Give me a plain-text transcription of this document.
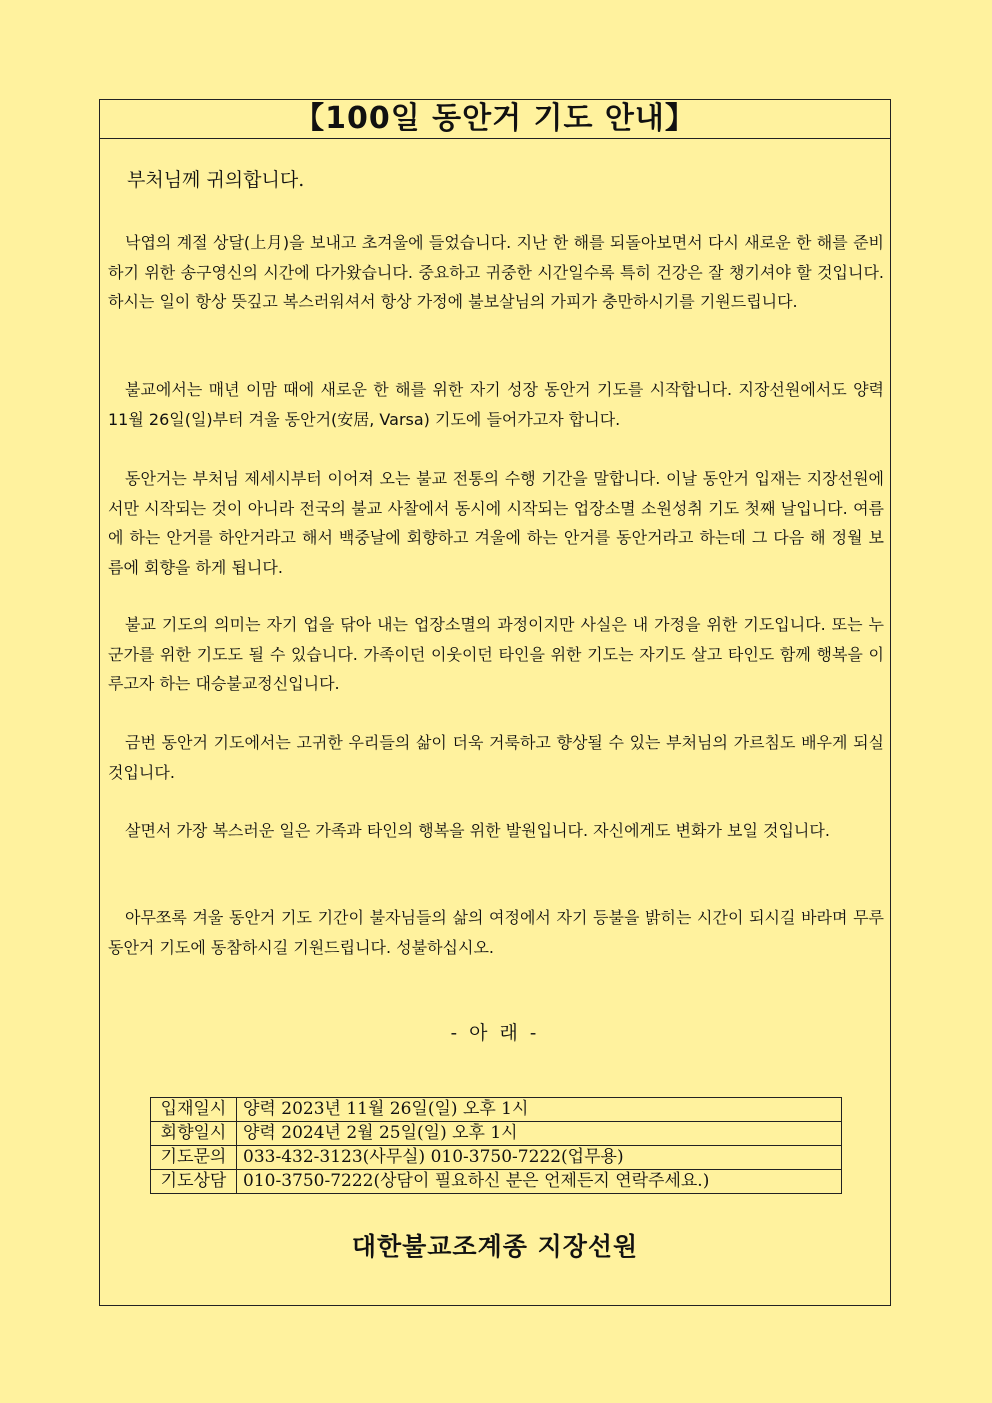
【100일 동안거 기도 안내】
부처님께 귀의합니다.

낙엽의 계절 상달(上月)을 보내고 초겨울에 들었습니다. 지난 한 해를 되돌아보면서 다시 새로운 한 해를 준비하기 위한 송구영신의 시간에 다가왔습니다. 중요하고 귀중한 시간일수록 특히 건강은 잘 챙기셔야 할 것입니다. 하시는 일이 항상 뜻깊고 복스러워셔서 항상 가정에 불보살님의 가피가 충만하시기를 기원드립니다.

불교에서는 매년 이맘 때에 새로운 한 해를 위한 자기 성장 동안거 기도를 시작합니다. 지장선원에서도 양력 11월 26일(일)부터 겨울 동안거(安居, Varsa) 기도에 들어가고자 합니다.

동안거는 부처님 제세시부터 이어져 오는 불교 전통의 수행 기간을 말합니다. 이날 동안거 입재는 지장선원에서만 시작되는 것이 아니라 전국의 불교 사찰에서 동시에 시작되는 업장소멸 소원성취 기도 첫째 날입니다. 여름에 하는 안거를 하안거라고 해서 백중날에 회향하고 겨울에 하는 안거를 동안거라고 하는데 그 다음 해 정월 보름에 회향을 하게 됩니다.

불교 기도의 의미는 자기 업을 닦아 내는 업장소멸의 과정이지만 사실은 내 가정을 위한 기도입니다. 또는 누군가를 위한 기도도 될 수 있습니다. 가족이던 이웃이던 타인을 위한 기도는 자기도 살고 타인도 함께 행복을 이루고자 하는 대승불교정신입니다.

금번 동안거 기도에서는 고귀한 우리들의 삶이 더욱 거룩하고 향상될 수 있는 부처님의 가르침도 배우게 되실 것입니다.

살면서 가장 복스러운 일은 가족과 타인의 행복을 위한 발원입니다. 자신에게도 변화가 보일 것입니다.

아무쪼록 겨울 동안거 기도 기간이 불자님들의 삶의 여정에서 자기 등불을 밝히는 시간이 되시길 바라며 무루 동안거 기도에 동참하시길 기원드립니다. 성불하십시오.

- 아 래 -
입재일시	양력 2023년 11월 26일(일) 오후 1시
회향일시	양력 2024년 2월 25일(일) 오후 1시
기도문의	033-432-3123(사무실) 010-3750-7222(업무용)
기도상담	010-3750-7222(상담이 필요하신 분은 언제든지 연락주세요.)
대한불교조계종 지장선원
